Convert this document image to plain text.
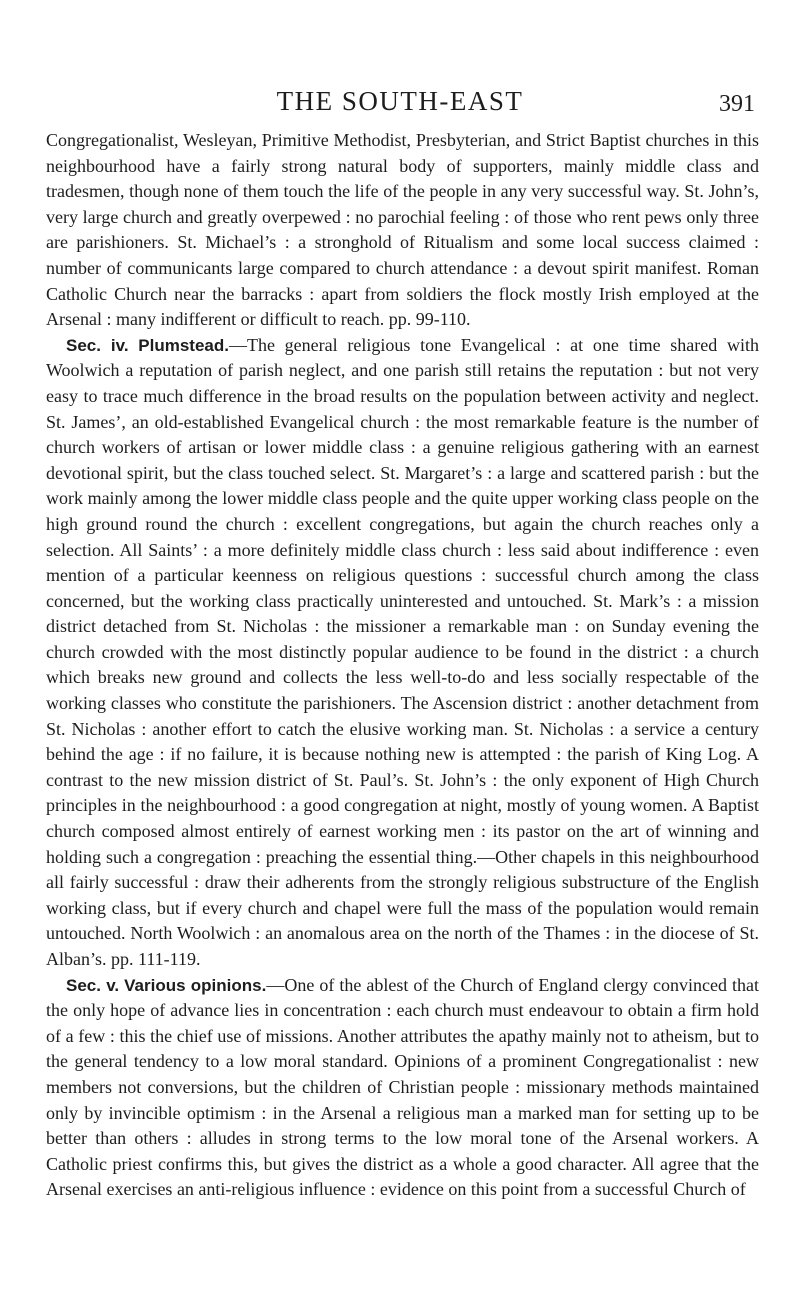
THE SOUTH-EAST	391

Congregationalist, Wesleyan, Primitive Methodist, Presbyterian, and Strict Baptist churches in this neighbourhood have a fairly strong natural body of supporters, mainly middle class and tradesmen, though none of them touch the life of the people in any very successful way. St. John’s, very large church and greatly overpewed : no parochial feeling : of those who rent pews only three are parishioners. St. Michael’s : a stronghold of Ritualism and some local success claimed : number of communicants large compared to church attendance : a devout spirit manifest. Roman Catholic Church near the barracks : apart from soldiers the flock mostly Irish employed at the Arsenal : many indifferent or difficult to reach. pp. 99-110.

Sec. iv. Plumstead.—The general religious tone Evangelical : at one time shared with Woolwich a reputation of parish neglect, and one parish still retains the reputation : but not very easy to trace much difference in the broad results on the population between activity and neglect. St. James’, an old-established Evangelical church : the most remarkable feature is the number of church workers of artisan or lower middle class : a genuine religious gathering with an earnest devotional spirit, but the class touched select. St. Margaret’s : a large and scattered parish : but the work mainly among the lower middle class people and the quite upper working class people on the high ground round the church : excellent congregations, but again the church reaches only a selection. All Saints’ : a more definitely middle class church : less said about indifference : even mention of a particular keenness on religious questions : successful church among the class concerned, but the working class practically uninterested and untouched. St. Mark’s : a mission district detached from St. Nicholas : the missioner a remarkable man : on Sunday evening the church crowded with the most distinctly popular audience to be found in the district : a church which breaks new ground and collects the less well-to-do and less socially respectable of the working classes who constitute the parishioners. The Ascension district : another detachment from St. Nicholas : another effort to catch the elusive working man. St. Nicholas : a service a century behind the age : if no failure, it is because nothing new is attempted : the parish of King Log. A contrast to the new mission district of St. Paul’s. St. John’s : the only exponent of High Church principles in the neighbourhood : a good congregation at night, mostly of young women. A Baptist church composed almost entirely of earnest working men : its pastor on the art of winning and holding such a congregation : preaching the essential thing.—Other chapels in this neighbourhood all fairly successful : draw their adherents from the strongly religious substructure of the English working class, but if every church and chapel were full the mass of the population would remain untouched. North Woolwich : an anomalous area on the north of the Thames : in the diocese of St. Alban’s. pp. 111-119.

Sec. v. Various opinions.—One of the ablest of the Church of England clergy convinced that the only hope of advance lies in concentration : each church must endeavour to obtain a firm hold of a few : this the chief use of missions. Another attributes the apathy mainly not to atheism, but to the general tendency to a low moral standard. Opinions of a prominent Congregationalist : new members not conversions, but the children of Christian people : missionary methods maintained only by invincible optimism : in the Arsenal a religious man a marked man for setting up to be better than others : alludes in strong terms to the low moral tone of the Arsenal workers. A Catholic priest confirms this, but gives the district as a whole a good character. All agree that the Arsenal exercises an anti-religious influence : evidence on this point from a successful Church of
